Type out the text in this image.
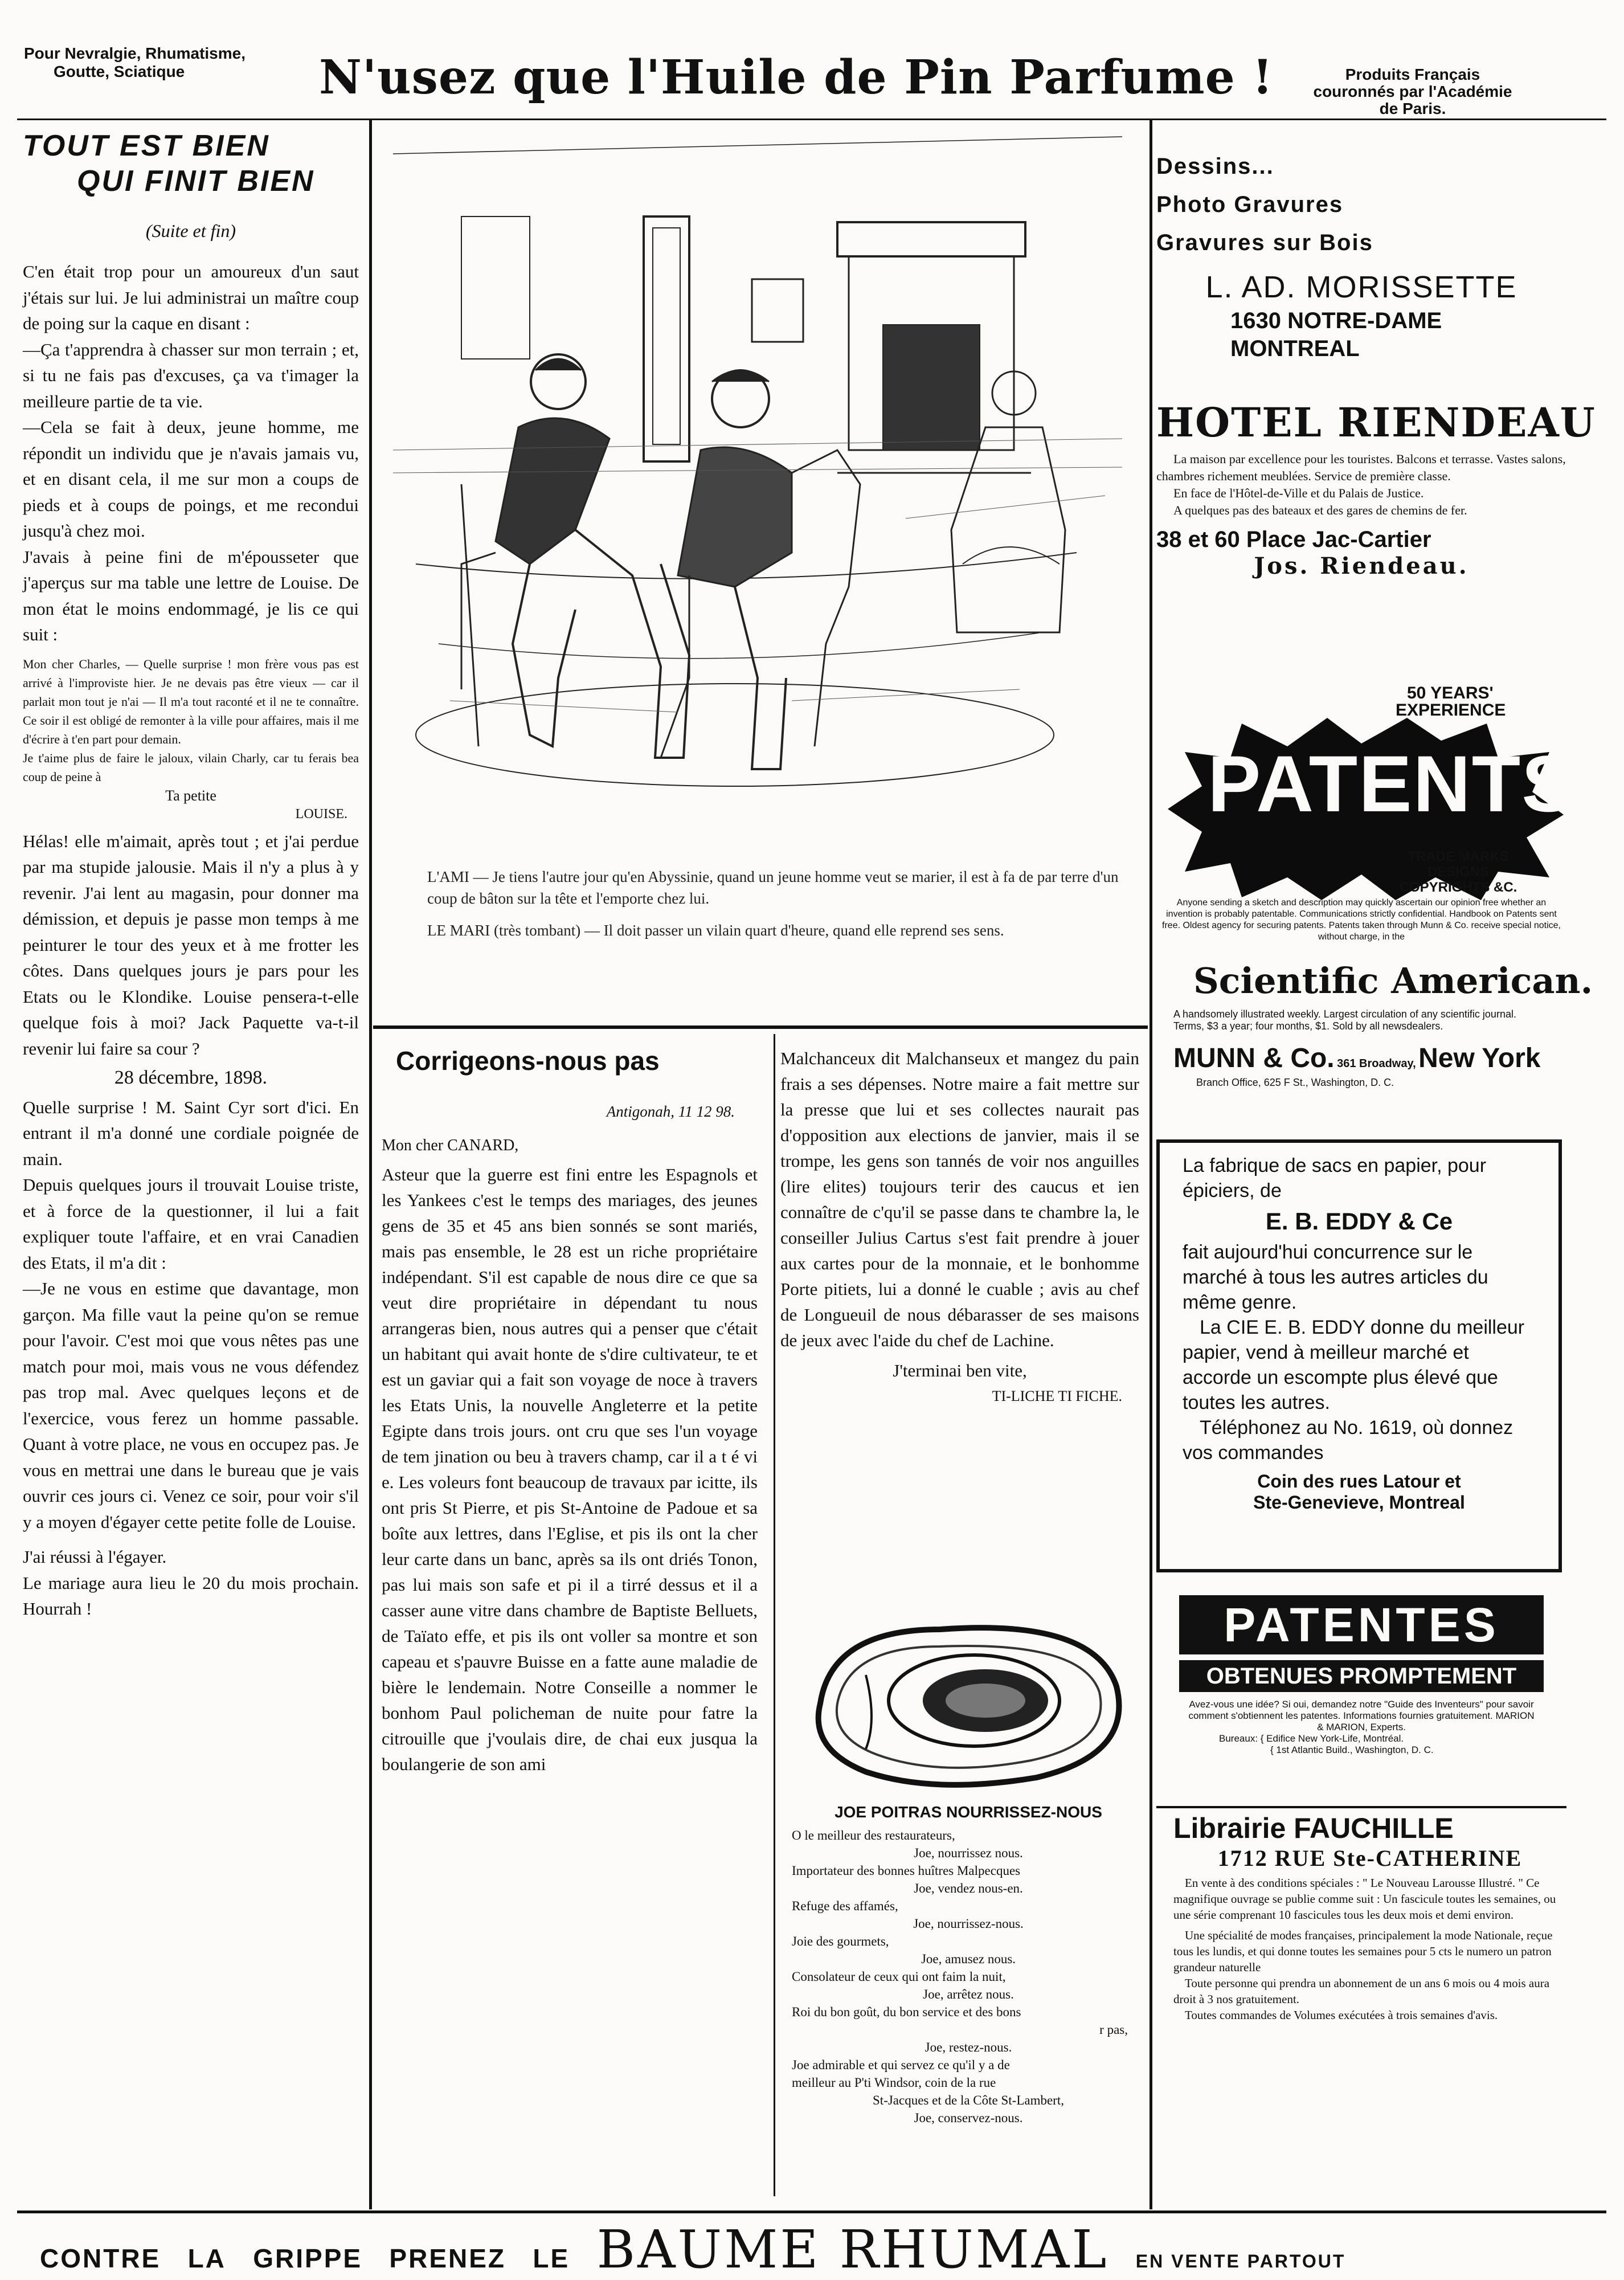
Pour Nevralgie, Rhumatisme,
Goutte, Sciatique	N'usez que l'Huile de Pin Parfume !	Produits Français
couronnés par l'Académie
de Paris.
TOUT EST BIEN
QUI FINIT BIEN
(Suite et fin)

C'en était trop pour un amoureux d'un saut j'étais sur lui. Je lui administrai un maître coup de poing sur la caque en disant :

—Ça t'apprendra à chasser sur mon terrain ; et, si tu ne fais pas d'excuses, ça va t'imager la meilleure partie de ta vie.

—Cela se fait à deux, jeune homme, me répondit un individu que je n'avais jamais vu, et en disant cela, il me sur mon a coups de pieds et à coups de poings, et me recondui jusqu'à chez moi.

J'avais à peine fini de m'épousseter que j'aperçus sur ma table une lettre de Louise. De mon état le moins endommagé, je lis ce qui suit :

Mon cher Charles, — Quelle surprise ! mon frère vous pas est arrivé à l'improviste hier. Je ne devais pas être vieux — car il parlait mon tout je n'ai — Il m'a tout raconté et il ne te connaître. Ce soir il est obligé de remonter à la ville pour affaires, mais il me d'écrire à t'en part pour demain.

Je t'aime plus de faire le jaloux, vilain Charly, car tu ferais bea coup de peine à

Ta petite

LOUISE.

Hélas! elle m'aimait, après tout ; et j'ai perdue par ma stupide jalousie. Mais il n'y a plus à y revenir. J'ai lent au magasin, pour donner ma démission, et depuis je passe mon temps à me peinturer le tour des yeux et à me frotter les côtes. Dans quelques jours je pars pour les Etats ou le Klondike. Louise pensera-t-elle quelque fois à moi? Jack Paquette va-t-il revenir lui faire sa cour ?

28 décembre, 1898.

Quelle surprise ! M. Saint Cyr sort d'ici. En entrant il m'a donné une cordiale poignée de main.

Depuis quelques jours il trouvait Louise triste, et à force de la questionner, il lui a fait expliquer toute l'affaire, et en vrai Canadien des Etats, il m'a dit :

—Je ne vous en estime que davantage, mon garçon. Ma fille vaut la peine qu'on se remue pour l'avoir. C'est moi que vous nêtes pas une match pour moi, mais vous ne vous défendez pas trop mal. Avec quelques leçons et de l'exercice, vous ferez un homme passable. Quant à votre place, ne vous en occupez pas. Je vous en mettrai une dans le bureau que je vais ouvrir ces jours ci. Venez ce soir, pour voir s'il y a moyen d'égayer cette petite folle de Louise.

J'ai réussi à l'égayer.

Le mariage aura lieu le 20 du mois prochain. Hourrah !

L'AMI — Je tiens l'autre jour qu'en Abyssinie, quand un jeune homme veut se marier, il est à fa de par terre d'un coup de bâton sur la tête et l'emporte chez lui.

LE MARI (très tombant) — Il doit passer un vilain quart d'heure, quand elle reprend ses sens.

Corrigeons-nous pas

Antigonah, 11 12 98.

Mon cher CANARD,

Asteur que la guerre est fini entre les Espagnols et les Yankees c'est le temps des mariages, des jeunes gens de 35 et 45 ans bien sonnés se sont mariés, mais pas ensemble, le 28 est un riche propriétaire indépendant. S'il est capable de nous dire ce que sa veut dire propriétaire in dépendant tu nous arrangeras bien, nous autres qui a penser que c'était un habitant qui avait honte de s'dire cultivateur, te et est un gaviar qui a fait son voyage de noce à travers les Etats Unis, la nouvelle Angleterre et la petite Egipte dans trois jours. ont cru que ses l'un voyage de tem jination ou beu à travers champ, car il a t é vi e. Les voleurs font beaucoup de travaux par icitte, ils ont pris St Pierre, et pis St-Antoine de Padoue et sa boîte aux lettres, dans l'Eglise, et pis ils ont la cher leur carte dans un banc, après sa ils ont driés Tonon, pas lui mais son safe et pi il a tirré dessus et il a casser aune vitre dans chambre de Baptiste Belluets, de Taïato effe, et pis ils ont voller sa montre et son capeau et s'pauvre Buisse en a fatte aune maladie de bière le lendemain. Notre Conseille a nommer le bonhom Paul policheman de nuite pour fatre la citrouille que j'voulais dire, de chai eux jusqua la boulangerie de son ami

Malchanceux dit Malchanseux et mangez du pain frais a ses dépenses. Notre maire a fait mettre sur la presse que lui et ses collectes naurait pas d'opposition aux elections de janvier, mais il se trompe, les gens son tannés de voir nos anguilles (lire elites) toujours terir des caucus et ien connaître de c'qu'il se passe dans te chambre la, le conseiller Julius Cartus s'est fait prendre à jouer aux cartes pour de la monnaie, et le bonhomme Porte pitiets, lui a donné le cuable ; avis au chef de Longueuil de nous débarasser de ses maisons de jeux avec l'aide du chef de Lachine.

J'terminai ben vite,

TI-LICHE TI FICHE.

JOE POITRAS NOURRISSEZ-NOUS
O le meilleur des restaurateurs,
Joe, nourrissez nous.
Importateur des bonnes huîtres Malpecques
Joe, vendez nous-en.
Refuge des affamés,
Joe, nourrissez-nous.
Joie des gourmets,
Joe, amusez nous.
Consolateur de ceux qui ont faim la nuit,
Joe, arrêtez nous.
Roi du bon goût, du bon service et des bons
r pas,
Joe, restez-nous.
Joe admirable et qui servez ce qu'il y a de
meilleur au P'ti Windsor, coin de la rue
St-Jacques et de la Côte St-Lambert,
Joe, conservez-nous.
Dessins...
Photo Gravures
Gravures sur Bois
L. AD. MORISSETTE
1630 NOTRE-DAME
MONTREAL
HOTEL RIENDEAU

La maison par excellence pour les touristes. Balcons et terrasse. Vastes salons, chambres richement meublées. Service de première classe.

En face de l'Hôtel-de-Ville et du Palais de Justice.

A quelques pas des bateaux et des gares de chemins de fer.

38 et 60 Place Jac-Cartier
Jos. Riendeau.
50 YEARS'
EXPERIENCE
PATENTS
TRADE MARKS
DESIGNS
COPYRIGHTS &C.

Anyone sending a sketch and description may quickly ascertain our opinion free whether an invention is probably patentable. Communications strictly confidential. Handbook on Patents sent free. Oldest agency for securing patents. Patents taken through Munn & Co. receive special notice, without charge, in the

Scientific American.

A handsomely illustrated weekly. Largest circulation of any scientific journal. Terms, $3 a year; four months, $1. Sold by all newsdealers.

MUNN & Co. 361 Broadway, New York
Branch Office, 625 F St., Washington, D. C.

La fabrique de sacs en papier, pour épiciers, de

E. B. EDDY & Ce

fait aujourd'hui concurrence sur le marché à tous les autres articles du même genre.

La CIE E. B. EDDY donne du meilleur papier, vend à meilleur marché et accorde un escompte plus élevé que toutes les autres.

Téléphonez au No. 1619, où donnez vos commandes

Coin des rues Latour et
Ste-Genevieve, Montreal
PATENTES
OBTENUES PROMPTEMENT

Avez-vous une idée? Si oui, demandez notre "Guide des Inventeurs" pour savoir comment s'obtiennent les patentes. Informations fournies gratuitement. MARION & MARION, Experts.

Bureaux: { Edifice New York-Life, Montréal.
{ 1st Atlantic Build., Washington, D. C.
Librairie FAUCHILLE
1712 RUE Ste-CATHERINE

En vente à des conditions spéciales : " Le Nouveau Larousse Illustré. " Ce magnifique ouvrage se publie comme suit : Un fascicule toutes les semaines, ou une série comprenant 10 fascicules tous les deux mois et demi environ.

Une spécialité de modes françaises, principalement la mode Nationale, reçue tous les lundis, et qui donne toutes les semaines pour 5 cts le numero un patron grandeur naturelle

Toute personne qui prendra un abonnement de un ans 6 mois ou 4 mois aura droit à 3 nos gratuitement.

Toutes commandes de Volumes exécutées à trois semaines d'avis.

CONTRE LA GRIPPE PRENEZ LE BAUME RHUMAL EN VENTE PARTOUT
